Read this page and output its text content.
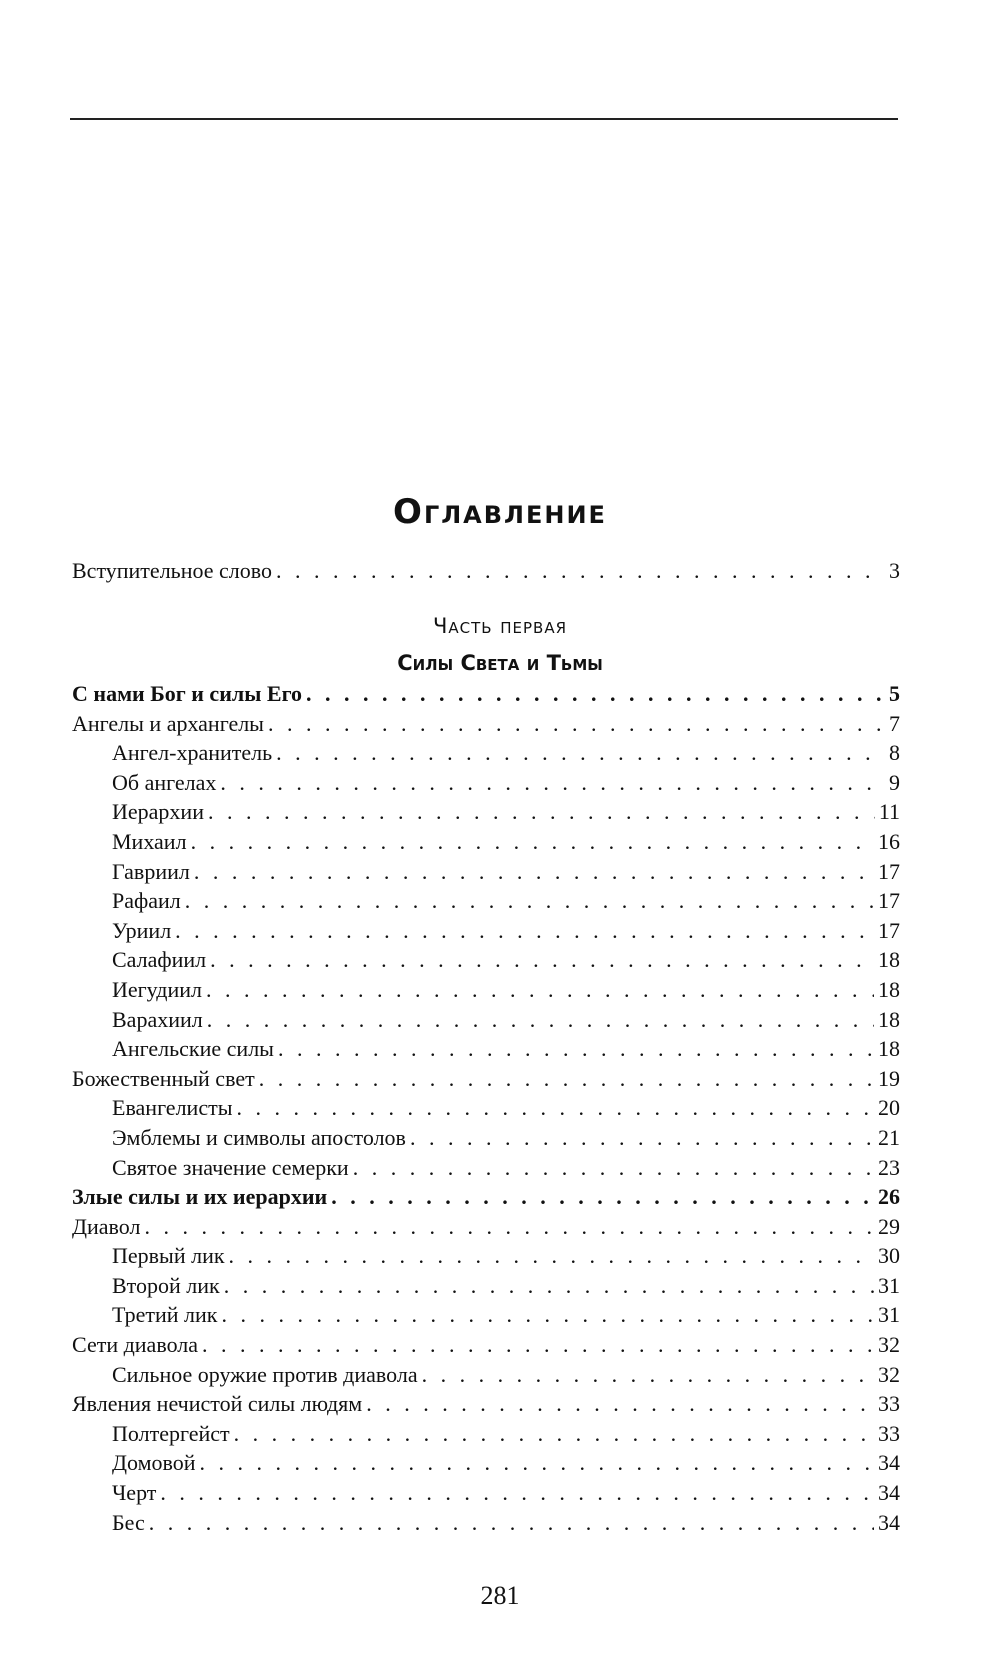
Оглавление
Вступительное слово . . .	3
Часть первая
Силы Света и Тьмы
С нами Бог и силы Его . . .	5
Ангелы и архангелы . . .	7
Ангел-хранитель . . .	8
Об ангелах . . .	9
Иерархии . . .	11
Михаил . . .	16
Гавриил . . .	17
Рафаил . . .	17
Уриил . . .	17
Салафиил . . .	18
Иегудиил . . .	18
Варахиил . . .	18
Ангельские силы . . .	18
Божественный свет . . .	19
Евангелисты . . .	20
Эмблемы и символы апостолов . . .	21
Святое значение семерки . . .	23
Злые силы и их иерархии . . .	26
Диавол . . .	29
Первый лик . . .	30
Второй лик . . .	31
Третий лик . . .	31
Сети диавола . . .	32
Сильное оружие против диавола . . .	32
Явления нечистой силы людям . . .	33
Полтергейст . . .	33
Домовой . . .	34
Черт . . .	34
Бес . . .	34
281
